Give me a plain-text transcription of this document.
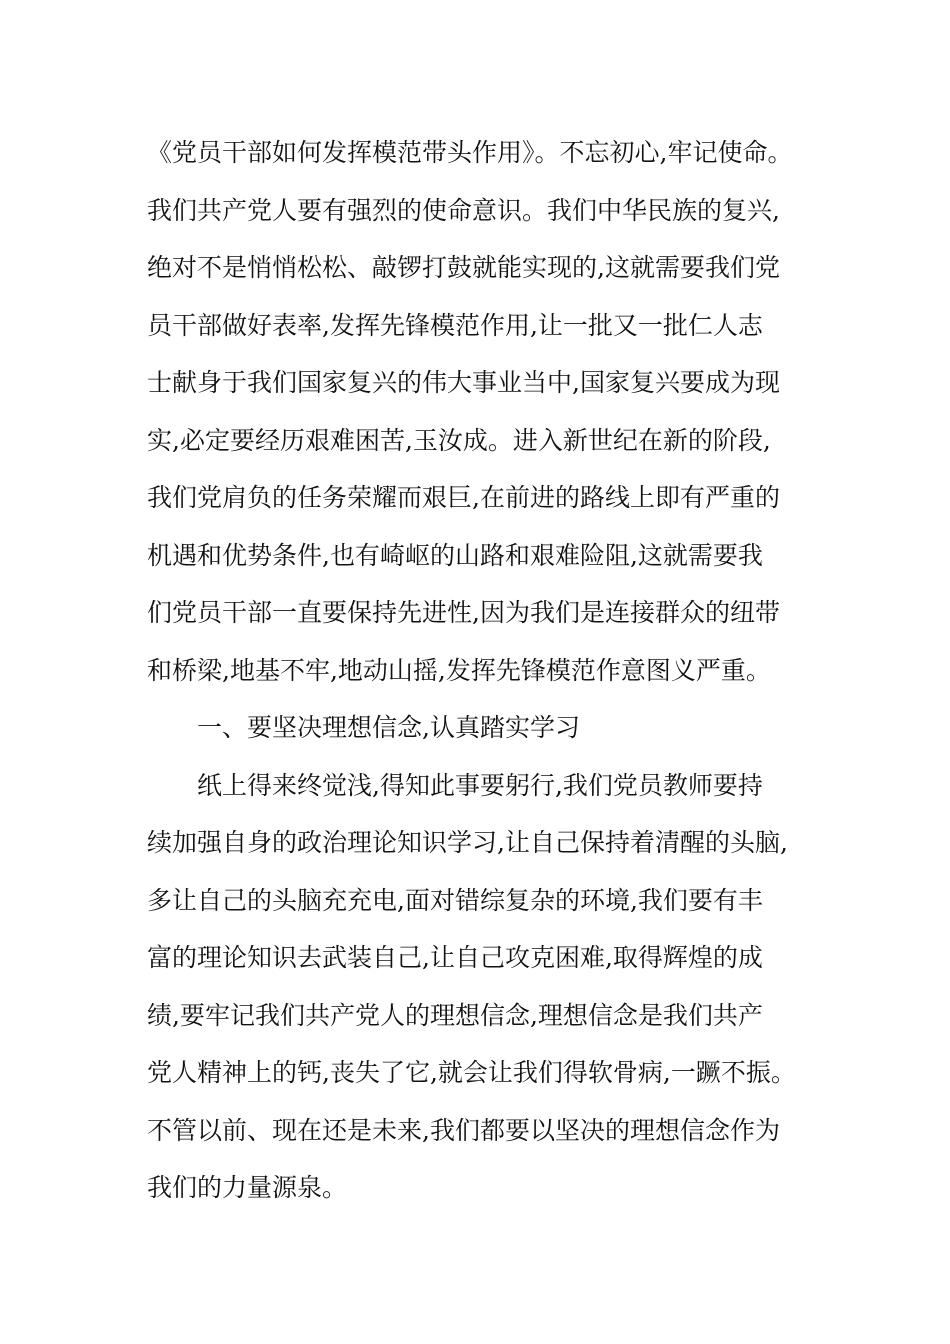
《党员干部如何发挥模范带头作用》。不忘初心,牢记使命。
我们共产党人要有强烈的使命意识。我们中华民族的复兴,
绝对不是悄悄松松、敲锣打鼓就能实现的,这就需要我们党
员干部做好表率,发挥先锋模范作用,让一批又一批仁人志
士献身于我们国家复兴的伟大事业当中,国家复兴要成为现
实,必定要经历艰难困苦,玉汝成。进入新世纪在新的阶段,
我们党肩负的任务荣耀而艰巨,在前进的路线上即有严重的
机遇和优势条件,也有崎岖的山路和艰难险阻,这就需要我
们党员干部一直要保持先进性,因为我们是连接群众的纽带
和桥梁,地基不牢,地动山摇,发挥先锋模范作意图义严重。
一、要坚决理想信念,认真踏实学习
纸上得来终觉浅,得知此事要躬行,我们党员教师要持
续加强自身的政治理论知识学习,让自己保持着清醒的头脑,
多让自己的头脑充充电,面对错综复杂的环境,我们要有丰
富的理论知识去武装自己,让自己攻克困难,取得辉煌的成
绩,要牢记我们共产党人的理想信念,理想信念是我们共产
党人精神上的钙,丧失了它,就会让我们得软骨病,一蹶不振。
不管以前、现在还是未来,我们都要以坚决的理想信念作为
我们的力量源泉。
